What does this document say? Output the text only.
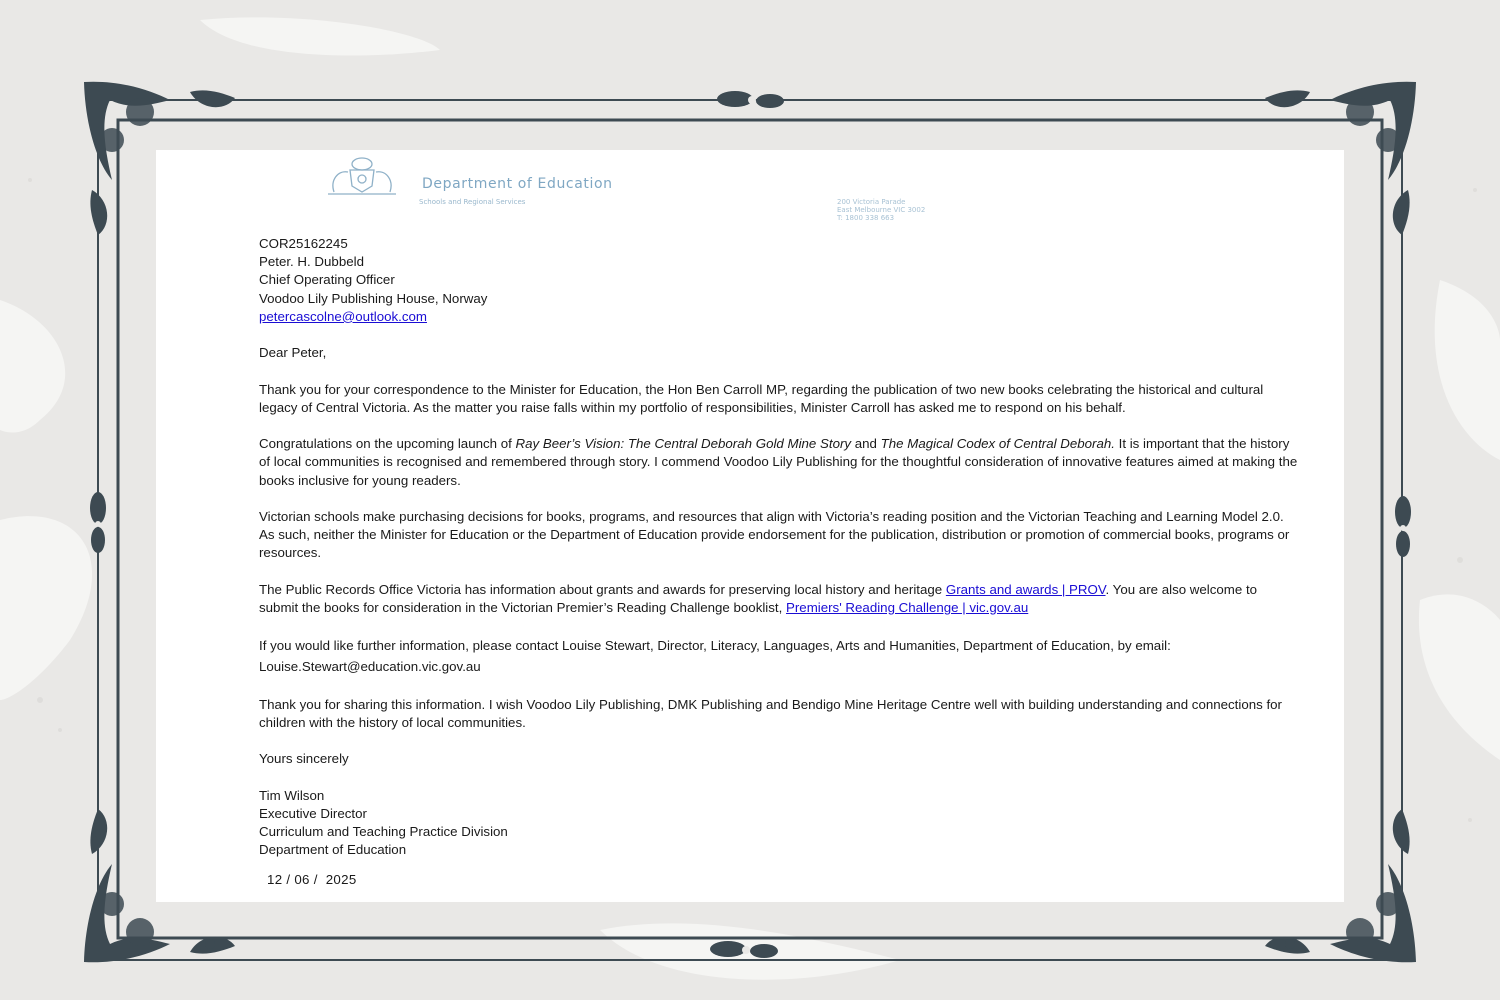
Department of Education
Schools and Regional Services	200 Victoria Parade
East Melbourne VIC 3002
T: 1800 338 663

COR25162245
Peter. H. Dubbeld
Chief Operating Officer
Voodoo Lily Publishing House, Norway
petercascolne@outlook.com

Dear Peter,

Thank you for your correspondence to the Minister for Education, the Hon Ben Carroll MP, regarding the publication of two new books celebrating the historical and cultural legacy of Central Victoria. As the matter you raise falls within my portfolio of responsibilities, Minister Carroll has asked me to respond on his behalf.

Congratulations on the upcoming launch of Ray Beer’s Vision: The Central Deborah Gold Mine Story and The Magical Codex of Central Deborah. It is important that the history of local communities is recognised and remembered through story. I commend Voodoo Lily Publishing for the thoughtful consideration of innovative features aimed at making the books inclusive for young readers.

Victorian schools make purchasing decisions for books, programs, and resources that align with Victoria’s reading position and the Victorian Teaching and Learning Model 2.0. As such, neither the Minister for Education or the Department of Education provide endorsement for the publication, distribution or promotion of commercial books, programs or resources.

The Public Records Office Victoria has information about grants and awards for preserving local history and heritage Grants and awards | PROV. You are also welcome to submit the books for consideration in the Victorian Premier’s Reading Challenge booklist, Premiers' Reading Challenge | vic.gov.au

If you would like further information, please contact Louise Stewart, Director, Literacy, Languages, Arts and Humanities, Department of Education, by email:
Louise.Stewart@education.vic.gov.au

Thank you for sharing this information. I wish Voodoo Lily Publishing, DMK Publishing and Bendigo Mine Heritage Centre well with building understanding and connections for children with the history of local communities.

Yours sincerely

Tim Wilson
Executive Director
Curriculum and Teaching Practice Division
Department of Education

12 / 06 /  2025
